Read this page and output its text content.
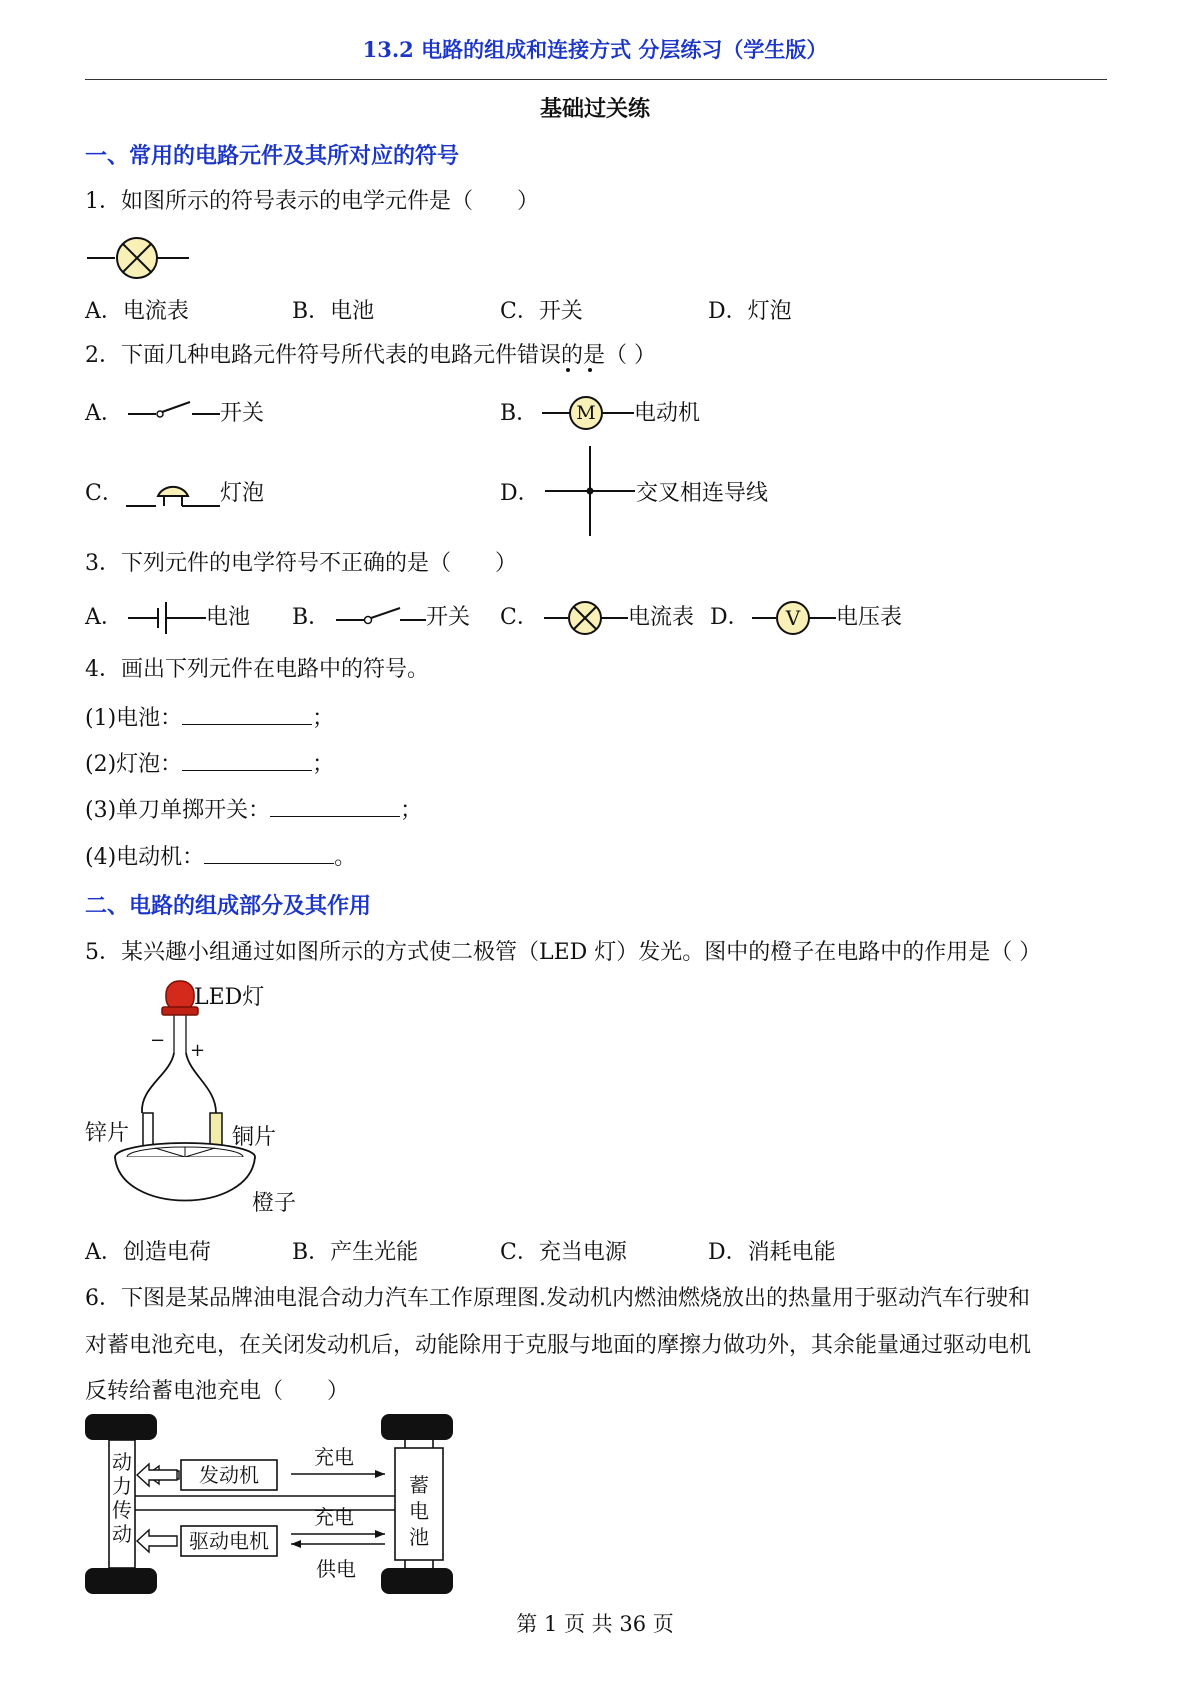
13.2 电路的组成和连接方式 分层练习（学生版）
基础过关练
一、常用的电路元件及其所对应的符号
1．如图所示的符号表示的电学元件是（　　）
A．电流表	B．电池	C．开关	D．灯泡
2．下面几种电路元件符号所代表的电路元件错误的是（ ）
A．	开关	B． M 电动机
C．	灯泡	D．	交叉相连导线
3．下列元件的电学符号不正确的是（　　）
A．	电池 B．	开关 C．	电流表 D． V 电压表
4．画出下列元件在电路中的符号。
(1)电池：	；
(2)灯泡：	；
(3)单刀单掷开关：	；
(4)电动机：	。
二、电路的组成部分及其作用
5．某兴趣小组通过如图所示的方式使二极管（LED 灯）发光。图中的橙子在电路中的作用是（ ）
LED灯
− +
锌片	铜片
橙子
A．创造电荷	B．产生光能	C．充当电源	D．消耗电能
6．下图是某品牌油电混合动力汽车工作原理图.发动机内燃油燃烧放出的热量用于驱动汽车行驶和
对蓄电池充电，在关闭发动机后，动能除用于克服与地面的摩擦力做功外，其余能量通过驱动电机
反转给蓄电池充电（　　）
动
力
传
动
发动机
驱动电机
蓄
电
池
充电
充电
供电
第 1 页 共 36 页
